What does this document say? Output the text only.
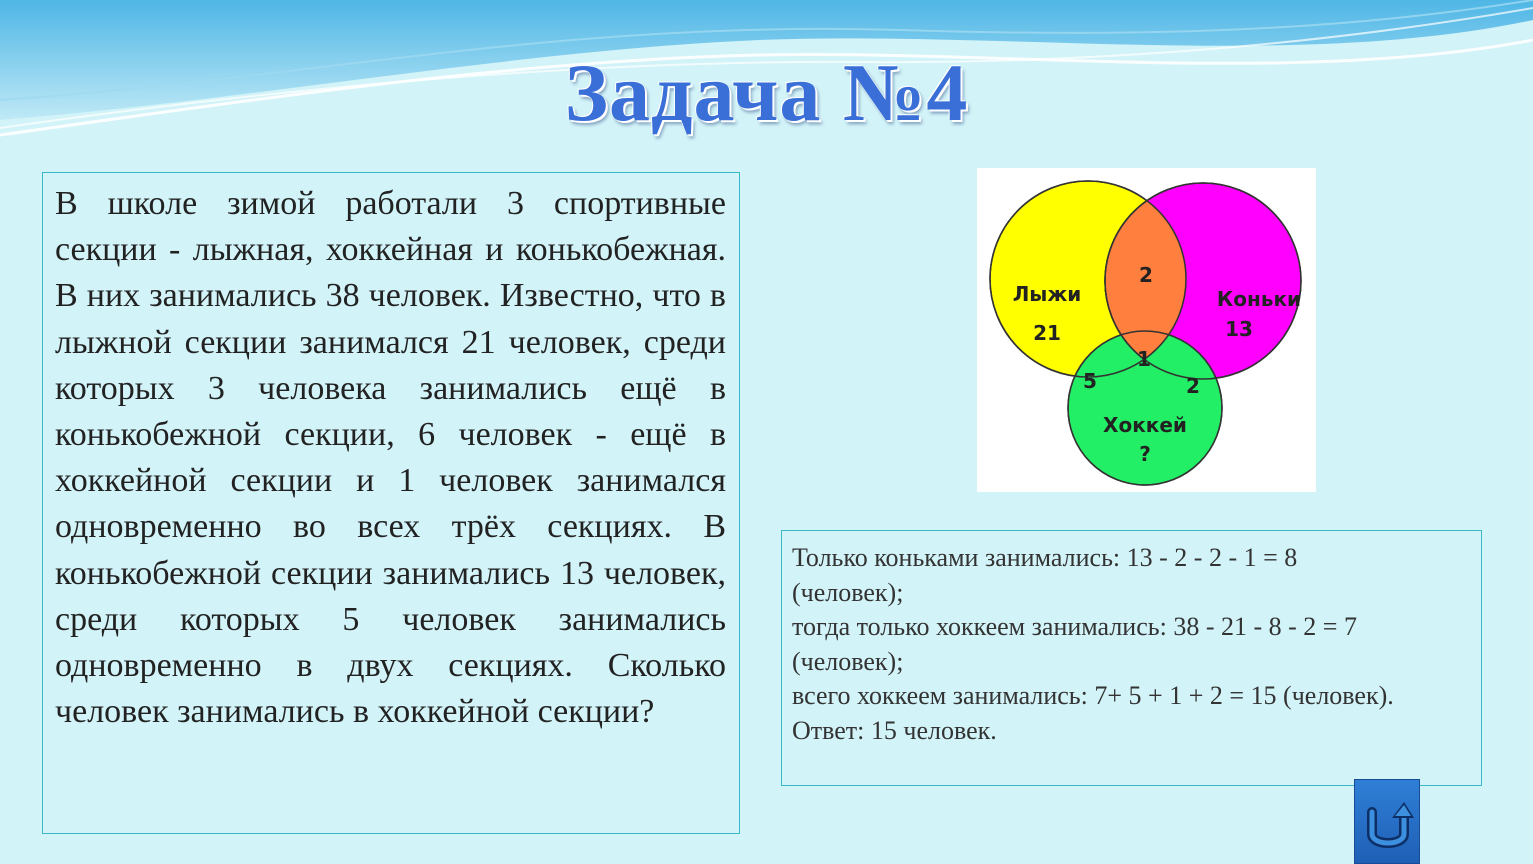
Задача №4

В школе зимой работали 3 спортивные секции - лыжная, хоккейная и конькобежная. В них занимались 38 человек. Известно, что в лыжной секции занимался 21 человек, среди которых 3 человека занимались ещё в конькобежной секции, 6 человек - ещё в хоккейной секции и 1 человек занимался одновременно во всех трёх секциях. В конькобежной секции занимались 13 человек, среди которых 5 человек занимались одновременно в двух секциях. Сколько человек занимались в хоккейной секции?

Лыжи
21
Коньки
13
Хоккей
?
2
1
5	2
Только коньками занимались: 13 - 2 - 2 - 1 = 8
(человек);
тогда только хоккеем занимались: 38 - 21 - 8 - 2 = 7
(человек);
всего хоккеем занимались: 7+ 5 + 1 + 2 = 15 (человек).
Ответ: 15 человек.
